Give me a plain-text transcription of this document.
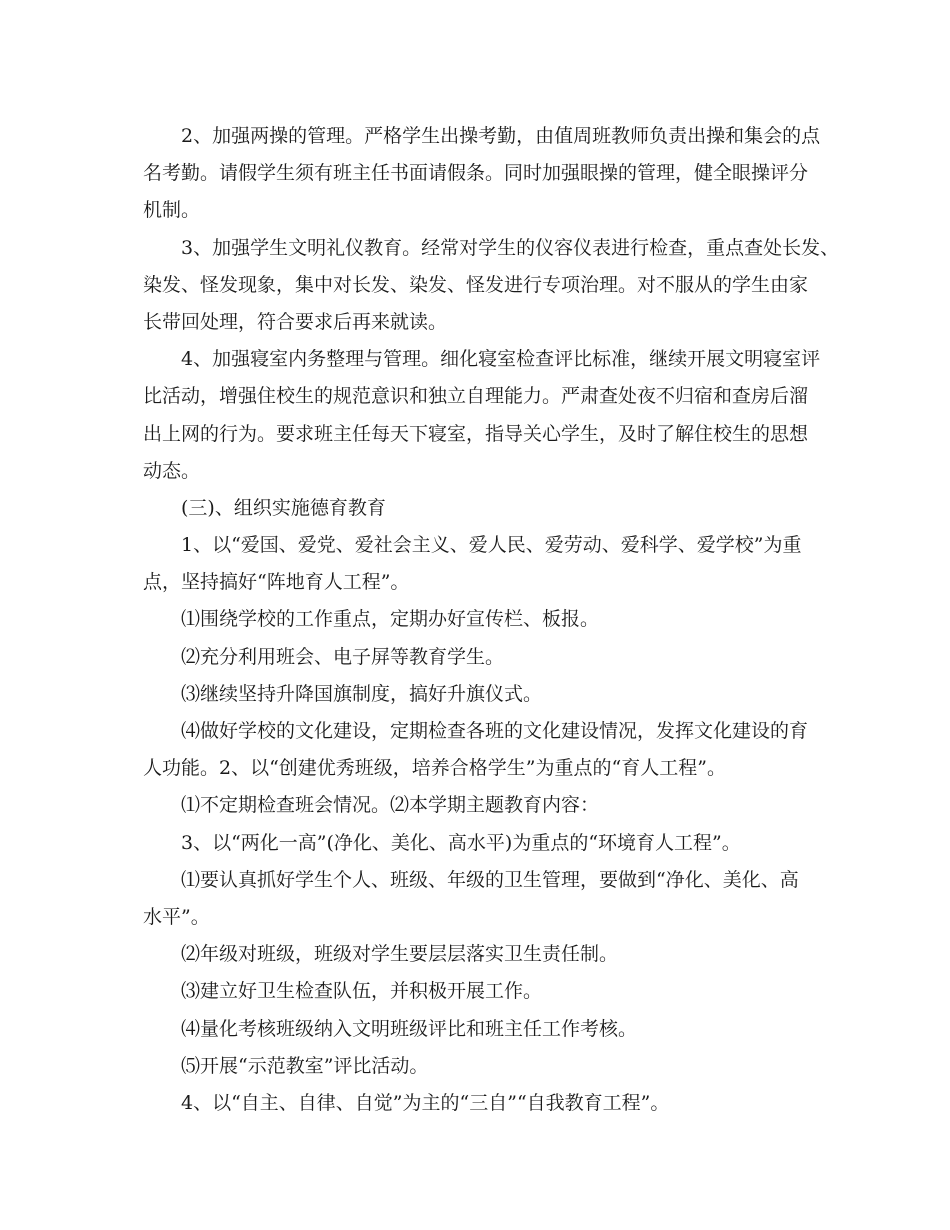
2、加强两操的管理。严格学生出操考勤，由值周班教师负责出操和集会的点
名考勤。请假学生须有班主任书面请假条。同时加强眼操的管理，健全眼操评分
机制。
3、加强学生文明礼仪教育。经常对学生的仪容仪表进行检查，重点查处长发、
染发、怪发现象，集中对长发、染发、怪发进行专项治理。对不服从的学生由家
长带回处理，符合要求后再来就读。
4、加强寝室内务整理与管理。细化寝室检查评比标准，继续开展文明寝室评
比活动，增强住校生的规范意识和独立自理能力。严肃查处夜不归宿和查房后溜
出上网的行为。要求班主任每天下寝室，指导关心学生，及时了解住校生的思想
动态。
(三)、组织实施德育教育
1、以“爱国、爱党、爱社会主义、爱人民、爱劳动、爱科学、爱学校”为重
点，坚持搞好“阵地育人工程”。
⑴围绕学校的工作重点，定期办好宣传栏、板报。
⑵充分利用班会、电子屏等教育学生。
⑶继续坚持升降国旗制度，搞好升旗仪式。
⑷做好学校的文化建设，定期检查各班的文化建设情况，发挥文化建设的育
人功能。2、以“创建优秀班级，培养合格学生”为重点的“育人工程”。
⑴不定期检查班会情况。⑵本学期主题教育内容：
3、以“两化一高”(净化、美化、高水平)为重点的“环境育人工程”。
⑴要认真抓好学生个人、班级、年级的卫生管理，要做到“净化、美化、高
水平”。
⑵年级对班级，班级对学生要层层落实卫生责任制。
⑶建立好卫生检查队伍，并积极开展工作。
⑷量化考核班级纳入文明班级评比和班主任工作考核。
⑸开展“示范教室”评比活动。
4、以“自主、自律、自觉”为主的“三自”“自我教育工程”。
